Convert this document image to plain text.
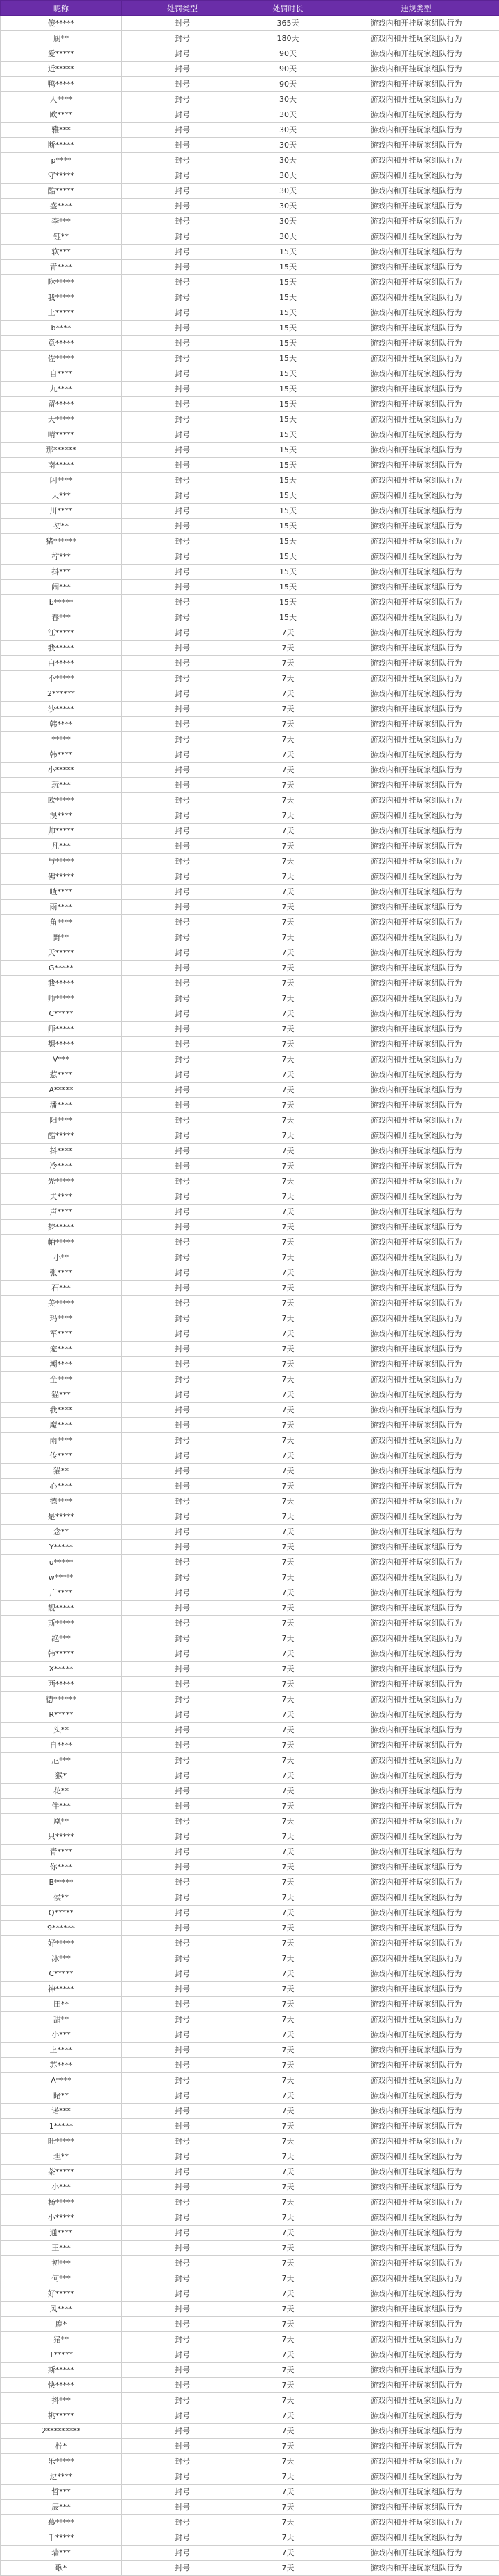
昵称	处罚类型	处罚时长	违规类型
傻*****	封号	365天	游戏内和开挂玩家组队行为
厨**	封号	180天	游戏内和开挂玩家组队行为
爱*****	封号	90天	游戏内和开挂玩家组队行为
近*****	封号	90天	游戏内和开挂玩家组队行为
鸭*****	封号	90天	游戏内和开挂玩家组队行为
人****	封号	30天	游戏内和开挂玩家组队行为
欧****	封号	30天	游戏内和开挂玩家组队行为
雅***	封号	30天	游戏内和开挂玩家组队行为
断*****	封号	30天	游戏内和开挂玩家组队行为
p****	封号	30天	游戏内和开挂玩家组队行为
守*****	封号	30天	游戏内和开挂玩家组队行为
酷*****	封号	30天	游戏内和开挂玩家组队行为
盛****	封号	30天	游戏内和开挂玩家组队行为
李***	封号	30天	游戏内和开挂玩家组队行为
钰**	封号	30天	游戏内和开挂玩家组队行为
软***	封号	15天	游戏内和开挂玩家组队行为
青****	封号	15天	游戏内和开挂玩家组队行为
咻*****	封号	15天	游戏内和开挂玩家组队行为
我*****	封号	15天	游戏内和开挂玩家组队行为
上*****	封号	15天	游戏内和开挂玩家组队行为
b****	封号	15天	游戏内和开挂玩家组队行为
意*****	封号	15天	游戏内和开挂玩家组队行为
佐*****	封号	15天	游戏内和开挂玩家组队行为
自****	封号	15天	游戏内和开挂玩家组队行为
九****	封号	15天	游戏内和开挂玩家组队行为
留*****	封号	15天	游戏内和开挂玩家组队行为
天*****	封号	15天	游戏内和开挂玩家组队行为
晴*****	封号	15天	游戏内和开挂玩家组队行为
那******	封号	15天	游戏内和开挂玩家组队行为
南*****	封号	15天	游戏内和开挂玩家组队行为
闪****	封号	15天	游戏内和开挂玩家组队行为
天***	封号	15天	游戏内和开挂玩家组队行为
川****	封号	15天	游戏内和开挂玩家组队行为
初**	封号	15天	游戏内和开挂玩家组队行为
猪******	封号	15天	游戏内和开挂玩家组队行为
柠***	封号	15天	游戏内和开挂玩家组队行为
抖***	封号	15天	游戏内和开挂玩家组队行为
闹***	封号	15天	游戏内和开挂玩家组队行为
b*****	封号	15天	游戏内和开挂玩家组队行为
春***	封号	15天	游戏内和开挂玩家组队行为
江*****	封号	7天	游戏内和开挂玩家组队行为
我*****	封号	7天	游戏内和开挂玩家组队行为
白*****	封号	7天	游戏内和开挂玩家组队行为
不*****	封号	7天	游戏内和开挂玩家组队行为
2******	封号	7天	游戏内和开挂玩家组队行为
沙*****	封号	7天	游戏内和开挂玩家组队行为
韩****	封号	7天	游戏内和开挂玩家组队行为
*****	封号	7天	游戏内和开挂玩家组队行为
韩****	封号	7天	游戏内和开挂玩家组队行为
小*****	封号	7天	游戏内和开挂玩家组队行为
玩***	封号	7天	游戏内和开挂玩家组队行为
欧*****	封号	7天	游戏内和开挂玩家组队行为
淏****	封号	7天	游戏内和开挂玩家组队行为
帅*****	封号	7天	游戏内和开挂玩家组队行为
凡***	封号	7天	游戏内和开挂玩家组队行为
与*****	封号	7天	游戏内和开挂玩家组队行为
佛*****	封号	7天	游戏内和开挂玩家组队行为
喳****	封号	7天	游戏内和开挂玩家组队行为
雨****	封号	7天	游戏内和开挂玩家组队行为
角****	封号	7天	游戏内和开挂玩家组队行为
野**	封号	7天	游戏内和开挂玩家组队行为
天*****	封号	7天	游戏内和开挂玩家组队行为
G*****	封号	7天	游戏内和开挂玩家组队行为
我*****	封号	7天	游戏内和开挂玩家组队行为
师*****	封号	7天	游戏内和开挂玩家组队行为
C*****	封号	7天	游戏内和开挂玩家组队行为
师*****	封号	7天	游戏内和开挂玩家组队行为
想*****	封号	7天	游戏内和开挂玩家组队行为
V***	封号	7天	游戏内和开挂玩家组队行为
惹****	封号	7天	游戏内和开挂玩家组队行为
A*****	封号	7天	游戏内和开挂玩家组队行为
潘****	封号	7天	游戏内和开挂玩家组队行为
阳****	封号	7天	游戏内和开挂玩家组队行为
酷*****	封号	7天	游戏内和开挂玩家组队行为
抖****	封号	7天	游戏内和开挂玩家组队行为
冷****	封号	7天	游戏内和开挂玩家组队行为
先*****	封号	7天	游戏内和开挂玩家组队行为
夫****	封号	7天	游戏内和开挂玩家组队行为
声****	封号	7天	游戏内和开挂玩家组队行为
梦*****	封号	7天	游戏内和开挂玩家组队行为
帕*****	封号	7天	游戏内和开挂玩家组队行为
小**	封号	7天	游戏内和开挂玩家组队行为
张****	封号	7天	游戏内和开挂玩家组队行为
石***	封号	7天	游戏内和开挂玩家组队行为
美*****	封号	7天	游戏内和开挂玩家组队行为
玛****	封号	7天	游戏内和开挂玩家组队行为
军****	封号	7天	游戏内和开挂玩家组队行为
宠****	封号	7天	游戏内和开挂玩家组队行为
潮****	封号	7天	游戏内和开挂玩家组队行为
全****	封号	7天	游戏内和开挂玩家组队行为
猫***	封号	7天	游戏内和开挂玩家组队行为
我****	封号	7天	游戏内和开挂玩家组队行为
魔****	封号	7天	游戏内和开挂玩家组队行为
雨****	封号	7天	游戏内和开挂玩家组队行为
传****	封号	7天	游戏内和开挂玩家组队行为
猫**	封号	7天	游戏内和开挂玩家组队行为
心****	封号	7天	游戏内和开挂玩家组队行为
德****	封号	7天	游戏内和开挂玩家组队行为
是*****	封号	7天	游戏内和开挂玩家组队行为
念**	封号	7天	游戏内和开挂玩家组队行为
Y*****	封号	7天	游戏内和开挂玩家组队行为
u*****	封号	7天	游戏内和开挂玩家组队行为
w*****	封号	7天	游戏内和开挂玩家组队行为
广****	封号	7天	游戏内和开挂玩家组队行为
靓*****	封号	7天	游戏内和开挂玩家组队行为
斯*****	封号	7天	游戏内和开挂玩家组队行为
绝***	封号	7天	游戏内和开挂玩家组队行为
韩*****	封号	7天	游戏内和开挂玩家组队行为
X*****	封号	7天	游戏内和开挂玩家组队行为
西*****	封号	7天	游戏内和开挂玩家组队行为
德******	封号	7天	游戏内和开挂玩家组队行为
R*****	封号	7天	游戏内和开挂玩家组队行为
头**	封号	7天	游戏内和开挂玩家组队行为
自****	封号	7天	游戏内和开挂玩家组队行为
尼***	封号	7天	游戏内和开挂玩家组队行为
猴*	封号	7天	游戏内和开挂玩家组队行为
花**	封号	7天	游戏内和开挂玩家组队行为
伴***	封号	7天	游戏内和开挂玩家组队行为
凰**	封号	7天	游戏内和开挂玩家组队行为
只*****	封号	7天	游戏内和开挂玩家组队行为
青****	封号	7天	游戏内和开挂玩家组队行为
你****	封号	7天	游戏内和开挂玩家组队行为
B*****	封号	7天	游戏内和开挂玩家组队行为
侯**	封号	7天	游戏内和开挂玩家组队行为
Q*****	封号	7天	游戏内和开挂玩家组队行为
9******	封号	7天	游戏内和开挂玩家组队行为
好*****	封号	7天	游戏内和开挂玩家组队行为
冰***	封号	7天	游戏内和开挂玩家组队行为
C*****	封号	7天	游戏内和开挂玩家组队行为
神*****	封号	7天	游戏内和开挂玩家组队行为
田**	封号	7天	游戏内和开挂玩家组队行为
甜**	封号	7天	游戏内和开挂玩家组队行为
小***	封号	7天	游戏内和开挂玩家组队行为
上****	封号	7天	游戏内和开挂玩家组队行为
苏****	封号	7天	游戏内和开挂玩家组队行为
A****	封号	7天	游戏内和开挂玩家组队行为
睹**	封号	7天	游戏内和开挂玩家组队行为
诺***	封号	7天	游戏内和开挂玩家组队行为
1*****	封号	7天	游戏内和开挂玩家组队行为
旺*****	封号	7天	游戏内和开挂玩家组队行为
坦**	封号	7天	游戏内和开挂玩家组队行为
茶*****	封号	7天	游戏内和开挂玩家组队行为
小***	封号	7天	游戏内和开挂玩家组队行为
杨*****	封号	7天	游戏内和开挂玩家组队行为
小*****	封号	7天	游戏内和开挂玩家组队行为
通****	封号	7天	游戏内和开挂玩家组队行为
王***	封号	7天	游戏内和开挂玩家组队行为
初***	封号	7天	游戏内和开挂玩家组队行为
何***	封号	7天	游戏内和开挂玩家组队行为
好*****	封号	7天	游戏内和开挂玩家组队行为
风****	封号	7天	游戏内和开挂玩家组队行为
鹿*	封号	7天	游戏内和开挂玩家组队行为
猪**	封号	7天	游戏内和开挂玩家组队行为
T*****	封号	7天	游戏内和开挂玩家组队行为
斯*****	封号	7天	游戏内和开挂玩家组队行为
快*****	封号	7天	游戏内和开挂玩家组队行为
抖***	封号	7天	游戏内和开挂玩家组队行为
桃*****	封号	7天	游戏内和开挂玩家组队行为
2*********	封号	7天	游戏内和开挂玩家组队行为
柠*	封号	7天	游戏内和开挂玩家组队行为
乐*****	封号	7天	游戏内和开挂玩家组队行为
逗****	封号	7天	游戏内和开挂玩家组队行为
哲***	封号	7天	游戏内和开挂玩家组队行为
辰***	封号	7天	游戏内和开挂玩家组队行为
慕*****	封号	7天	游戏内和开挂玩家组队行为
千*****	封号	7天	游戏内和开挂玩家组队行为
墙***	封号	7天	游戏内和开挂玩家组队行为
歌*	封号	7天	游戏内和开挂玩家组队行为
